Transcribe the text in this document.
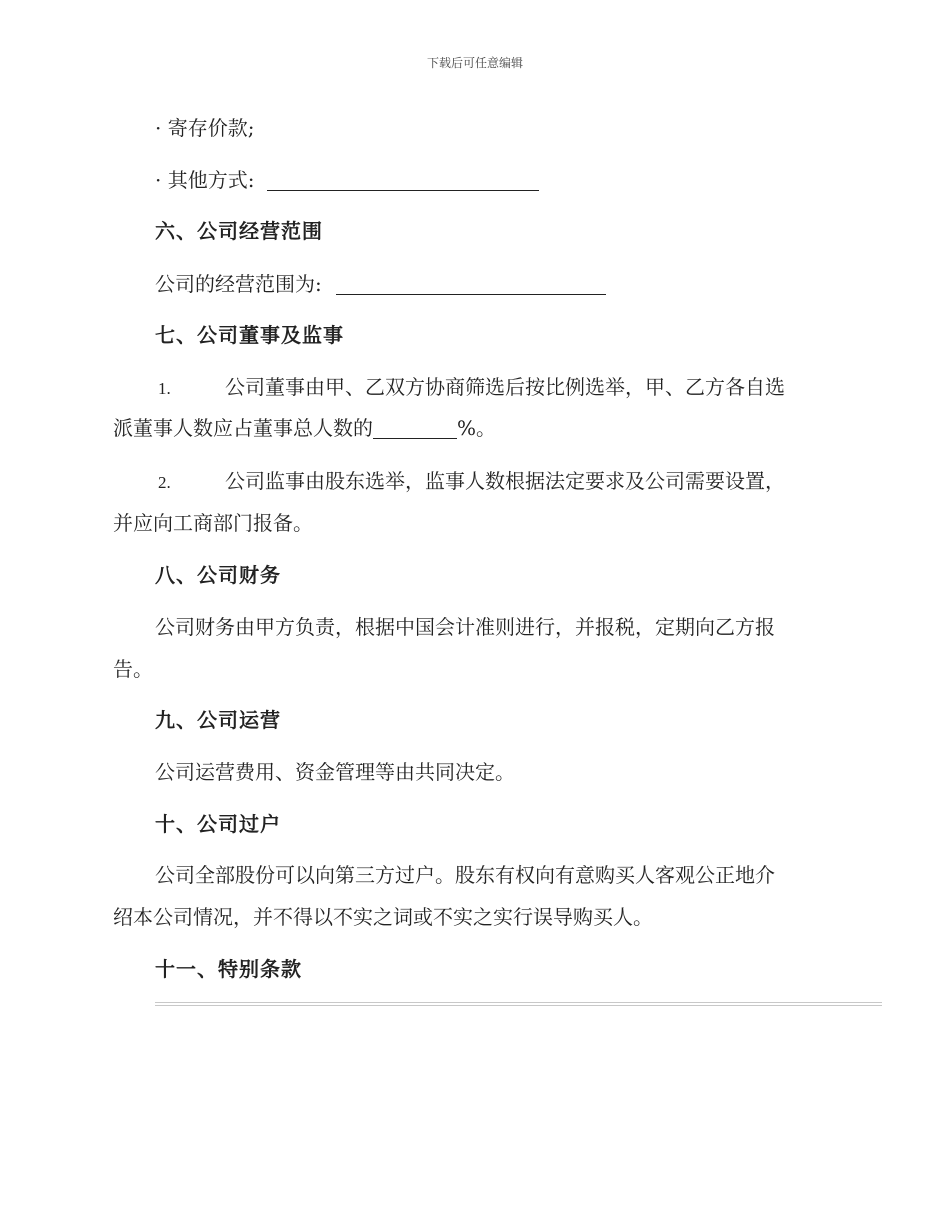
下载后可任意编辑
· 寄存价款;
· 其他方式:
六、公司经营范围
公司的经营范围为:
七、公司董事及监事
1.	公司董事由甲、乙双方协商筛选后按比例选举，甲、乙方各自选
派董事人数应占董事总人数的	%。
2.	公司监事由股东选举，监事人数根据法定要求及公司需要设置，
并应向工商部门报备。
八、公司财务
公司财务由甲方负责，根据中国会计准则进行，并报税，定期向乙方报
告。
九、公司运营
公司运营费用、资金管理等由共同决定。
十、公司过户
公司全部股份可以向第三方过户。股东有权向有意购买人客观公正地介
绍本公司情况，并不得以不实之词或不实之实行误导购买人。
十一、特别条款
